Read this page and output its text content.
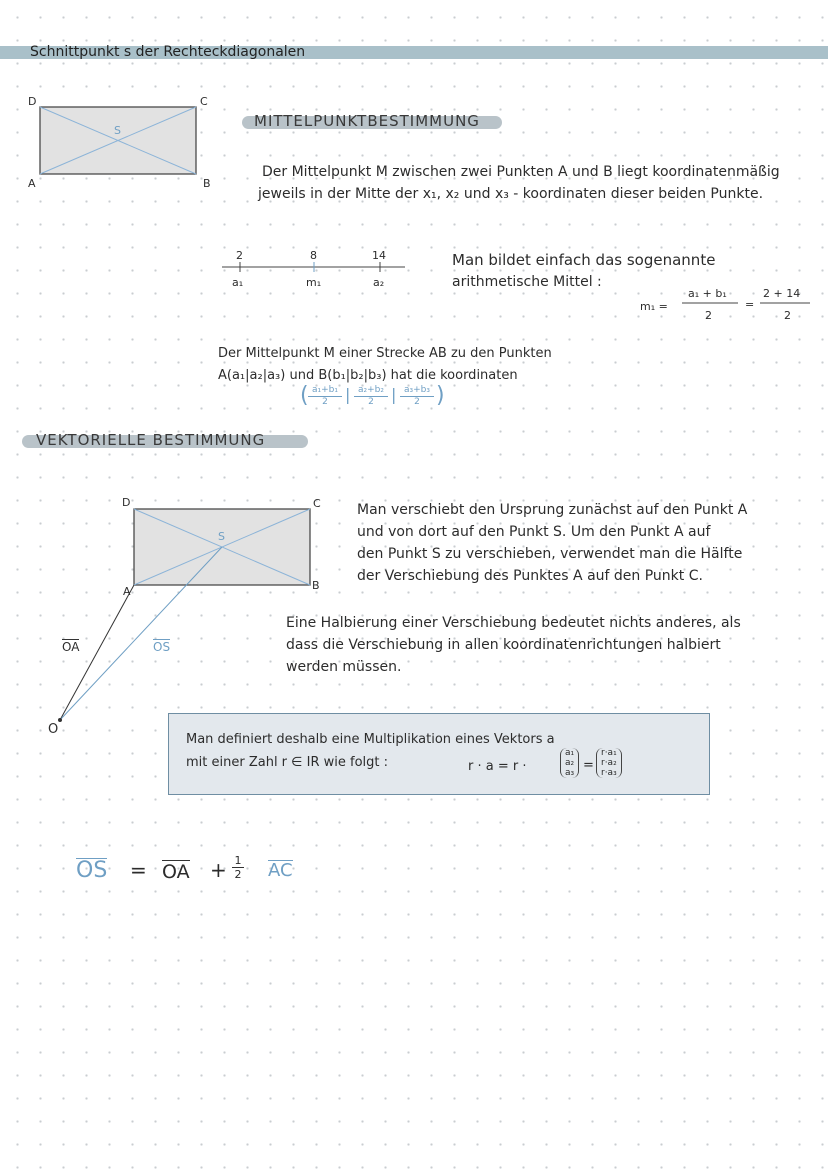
Schnittpunkt s der Rechteckdiagonalen
D	C
A	B
S
MITTELPUNKTBESTIMMUNG
Der Mittelpunkt M zwischen zwei Punkten A und B liegt koordinatenmäßig
jeweils in der Mitte der x₁, x₂ und x₃ - koordinaten dieser beiden Punkte.
2	8	14
a₁	m₁	a₂
Man bildet einfach das sogenannte
arithmetische Mittel :
m₁ =
a₁ + b₁
2
=
2 + 14
2
Der Mittelpunkt M einer Strecke AB zu den Punkten
A(a₁|a₂|a₃) und B(b₁|b₂|b₃) hat die koordinaten
( $\frac{\text{a₁+b₁}}{2}$ | $\frac{\text{a₂+b₂}}{2}$ | $\frac{\text{a₃+b₃}}{2}$ )
VEKTORIELLE BESTIMMUNG
D	C
A	B
S
O
OA	OS
Man verschiebt den Ursprung zunächst auf den Punkt A
und von dort auf den Punkt S. Um den Punkt A auf
den Punkt S zu verschieben, verwendet man die Hälfte
der Verschiebung des Punktes A auf den Punkt C.
Eine Halbierung einer Verschiebung bedeutet nichts anderes, als
dass die Verschiebung in allen koordinatenrichtungen halbiert
werden müssen.
Man definiert deshalb eine Multiplikation eines Vektors a
mit einer Zahl r ∈ IR wie folgt :	r · a = r ·
a₁
a₂
a₃ =
r·a₁
r·a₂
r·a₃
OS = OA + $\frac{1}{2}$ AC
